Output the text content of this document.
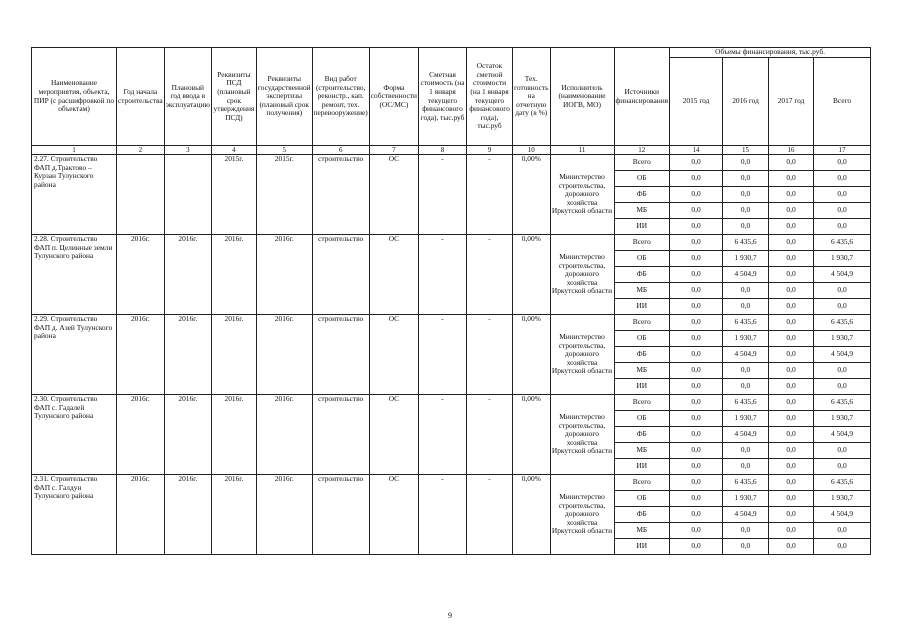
Наименование мероприятия, объекта, ПИР (с расшифровкой по объектам)	Год начала строительства	Плановый год ввода в эксплуатацию	Реквизиты ПСД (плановый срок утверждения ПСД)	Реквизиты государственной экспертизы (плановый срок получения)	Вид работ (строительство, реконстр., кап. ремонт, тех. перевооружение)	Форма собственности (ОС/МС)	Сметная стоимость (на 1 января текущего финансового года), тыс.руб	Остаток сметной стоимости (на 1 января текущего финансового года), тыс.руб	Тех. готовность на отчетную дату (в %)	Исполнитель (наименование ИОГВ, МО)	Источники финансирования	Объемы финансирования, тыс.руб.			
												2015 год	2016 год	2017 год	Всего
1	2	3	4	5	6	7	8	9	10	11	12	14	15	16	17
2.27. Строительство ФАП д.Трактово – Курзан Тулунского района			2015г.	2015г.	строительство	ОС	-	-	0,00%	Министерство строительства, дорожного хозяйства Иркутской области	Всего	0,0	0,0	0,0	0,0
											ОБ	0,0	0,0	0,0	0,0
											ФБ	0,0	0,0	0,0	0,0
											МБ	0,0	0,0	0,0	0,0
											ИИ	0,0	0,0	0,0	0,0
2.28. Строительство ФАП п. Целинные земли Тулунского района	2016г.	2016г.	2016г.	2016г.	строительство	ОС	-	-	0,00%	Министерство строительства, дорожного хозяйства Иркутской области	Всего	0,0	6 435,6	0,0	6 435,6
											ОБ	0,0	1 930,7	0,0	1 930,7
											ФБ	0,0	4 504,9	0,0	4 504,9
											МБ	0,0	0,0	0,0	0,0
											ИИ	0,0	0,0	0,0	0,0
2.29. Строительство ФАП д. Азей Тулунского района	2016г.	2016г.	2016г.	2016г.	строительство	ОС	-	-	0,00%	Министерство строительства, дорожного хозяйства Иркутской области	Всего	0,0	6 435,6	0,0	6 435,6
											ОБ	0,0	1 930,7	0,0	1 930,7
											ФБ	0,0	4 504,9	0,0	4 504,9
											МБ	0,0	0,0	0,0	0,0
											ИИ	0,0	0,0	0,0	0,0
2.30. Строительство ФАП с. Гадалей Тулунского района	2016г.	2016г.	2016г.	2016г.	строительство	ОС	-	-	0,00%	Министерство строительства, дорожного хозяйства Иркутской области	Всего	0,0	6 435,6	0,0	6 435,6
											ОБ	0,0	1 930,7	0,0	1 930,7
											ФБ	0,0	4 504,9	0,0	4 504,9
											МБ	0,0	0,0	0,0	0,0
											ИИ	0,0	0,0	0,0	0,0
2.31. Строительство ФАП с. Галдун Тулунского района	2016г.	2016г.	2016г.	2016г.	строительство	ОС	-	-	0,00%	Министерство строительства, дорожного хозяйства Иркутской области	Всего	0,0	6 435,6	0,0	6 435,6
											ОБ	0,0	1 930,7	0,0	1 930,7
											ФБ	0,0	4 504,9	0,0	4 504,9
											МБ	0,0	0,0	0,0	0,0
											ИИ	0,0	0,0	0,0	0,0
9
